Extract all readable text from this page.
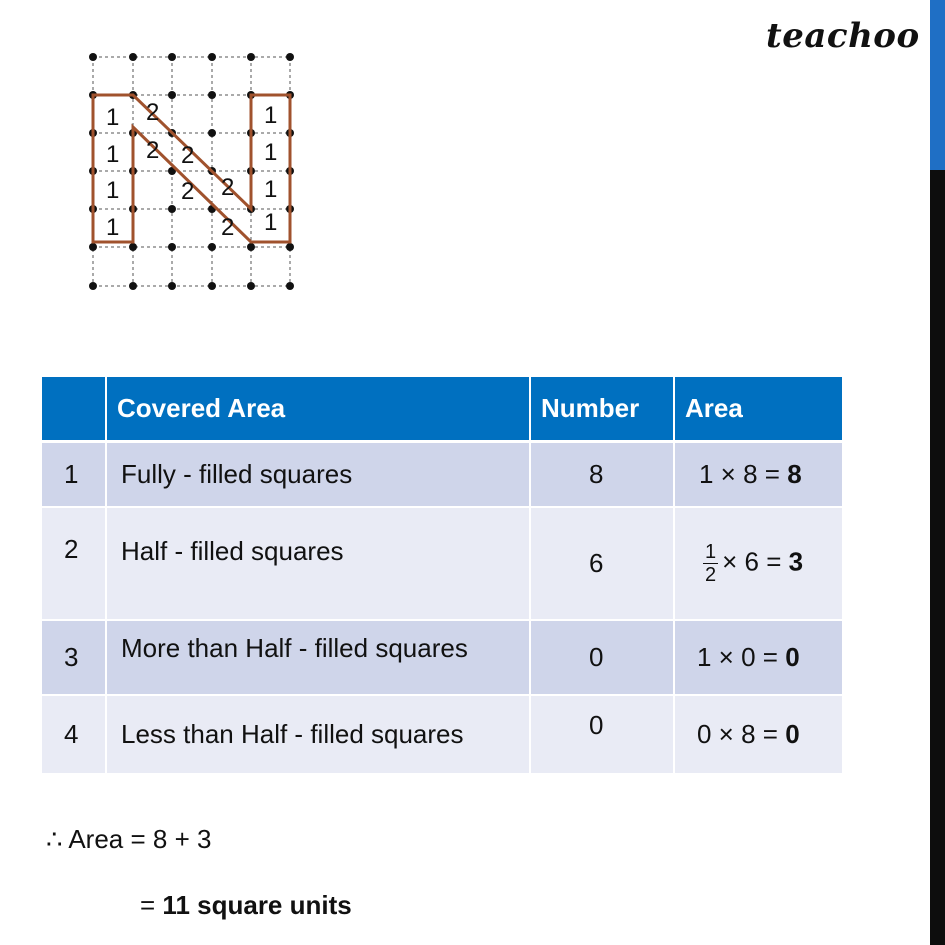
teachoo
1
1
1
1
1
1
1
1
2
2 2
2 2
2
	Covered Area	Number	Area
1	Fully - filled squares	8	1 × 8 = 8
2	Half - filled squares	6	$\frac{1}{2} \times 6 = 3$
3	More than Half - filled squares	0	1 × 0 = 0
4	Less than Half - filled squares	0	0 × 8 = 0
∴ Area = 8 + 3
= 11 square units
